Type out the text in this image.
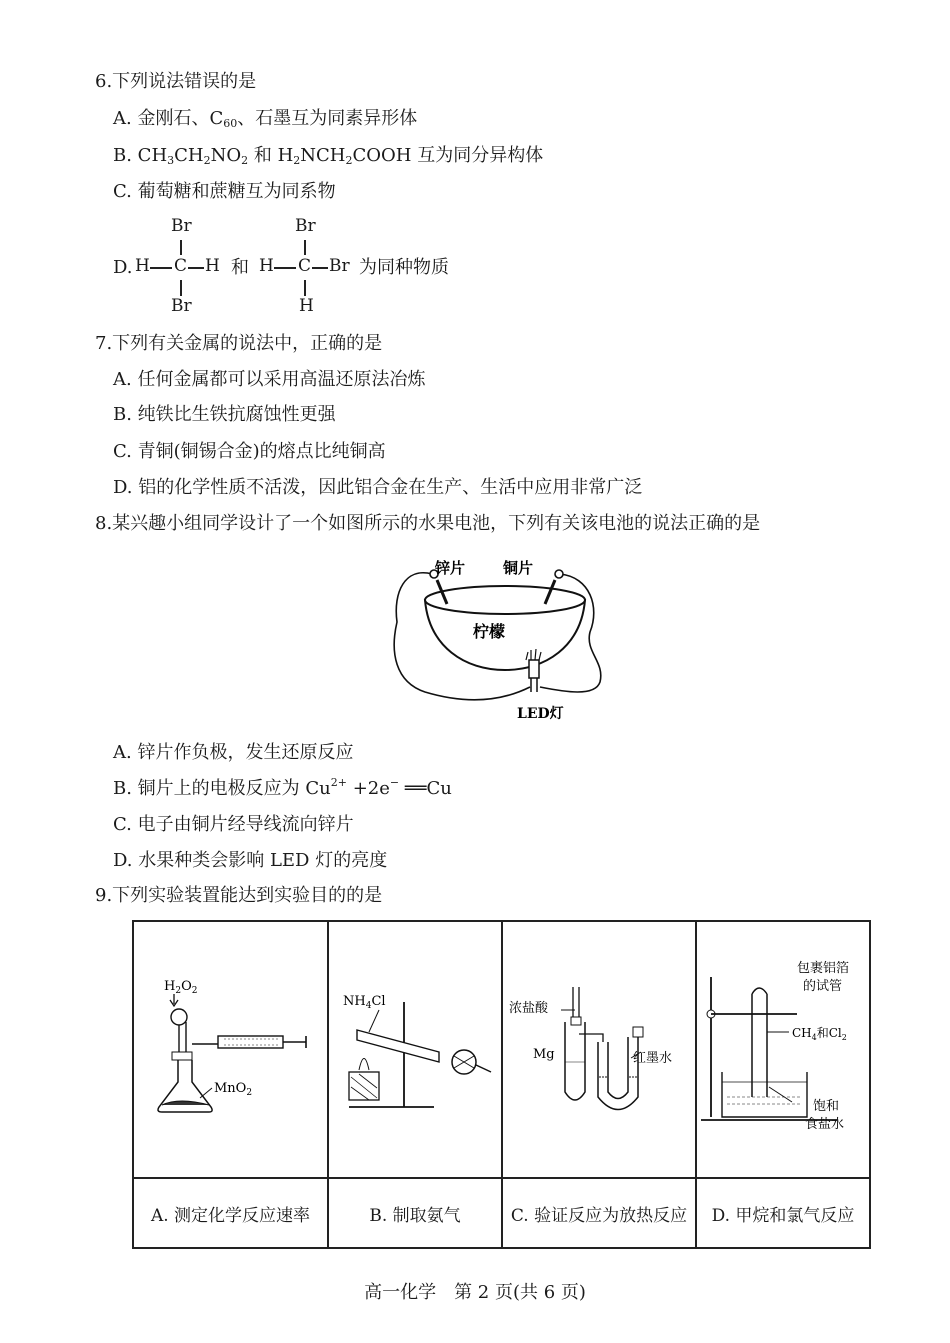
6.下列说法错误的是
A. 金刚石、$C_{60}$、石墨互为同素异形体
B. $CH_3CH_2NO_2$ 和 $H_2NCH_2COOH$ 互为同分异构体
C. 葡萄糖和蔗糖互为同系物
D.
Br
H C H
Br
和
Br
H C Br
H
为同种物质
7.下列有关金属的说法中，正确的是
A. 任何金属都可以采用高温还原法冶炼
B. 纯铁比生铁抗腐蚀性更强
C. 青铜(铜锡合金)的熔点比纯铜高
D. 铝的化学性质不活泼，因此铝合金在生产、生活中应用非常广泛
8.某兴趣小组同学设计了一个如图所示的水果电池，下列有关该电池的说法正确的是
锌片	铜片
柠檬
LED灯
A. 锌片作负极，发生还原反应
B. 铜片上的电极反应为 $Cu^{2+} +2e^-$ ══Cu
C. 电子由铜片经导线流向锌片
D. 水果种类会影响 LED 灯的亮度
9.下列实验装置能达到实验目的的是
$H_2O_2$
MnO$_2$	$NH_4Cl$	浓盐酸
Mg 红墨水	包裹铝箔
的试管
$CH_4$和$Cl_2$
饱和
食盐水

A. 测定化学反应速率	B. 制取氨气	C. 验证反应为放热反应	D. 甲烷和氯气反应
高一化学　第 2 页(共 6 页)
